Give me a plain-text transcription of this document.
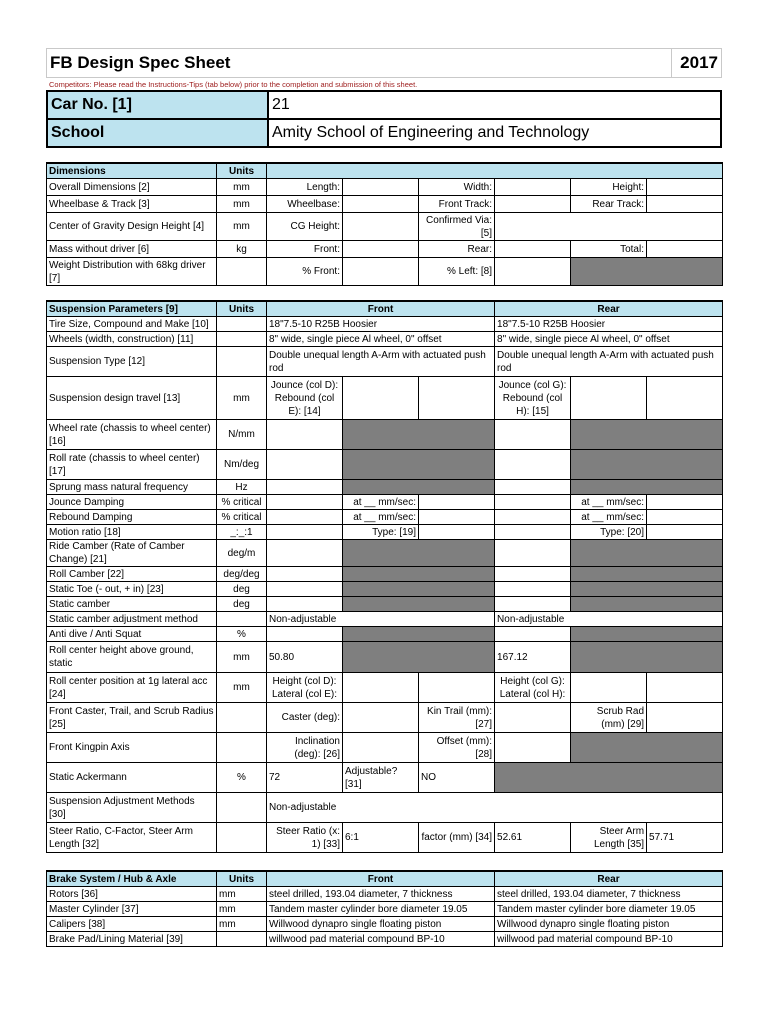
FB Design Spec Sheet	2017
Competitors: Please read the Instructions-Tips (tab below) prior to the completion and submission of this sheet.
Car No. [1]	21
School	Amity School of Engineering and Technology
Dimensions	Units						
Overall Dimensions [2]	mm	Length:		Width:		Height:	
Wheelbase & Track [3]	mm	Wheelbase:		Front Track:		Rear Track:	
Center of Gravity Design Height [4]	mm	CG Height:		Confirmed Via: [5]			
Mass without driver [6]	kg	Front:		Rear:		Total:	
Weight Distribution with 68kg driver [7]		% Front:		% Left: [8]			
Suspension Parameters [9]	Units	Front			Rear		
Tire Size, Compound and Make [10]		18"7.5-10 R25B Hoosier			18"7.5-10 R25B Hoosier		
Wheels (width, construction) [11]		8" wide, single piece Al wheel, 0" offset			8" wide, single piece Al wheel, 0" offset		
Suspension Type [12]		Double unequal length A-Arm with actuated push rod			Double unequal length A-Arm with actuated push rod		
Suspension design travel [13]	mm	Jounce (col D): Rebound (col E): [14]			Jounce (col G): Rebound (col H): [15]		
Wheel rate (chassis to wheel center) [16]	N/mm						
Roll rate (chassis to wheel center) [17]	Nm/deg						
Sprung mass natural frequency	Hz						
Jounce Damping	% critical		at __ mm/sec:			at __ mm/sec:	
Rebound Damping	% critical		at __ mm/sec:			at __ mm/sec:	
Motion ratio [18]	_:_:1		Type: [19]			Type: [20]	
Ride Camber (Rate of Camber Change) [21]	deg/m						
Roll Camber [22]	deg/deg						
Static Toe (- out, + in) [23]	deg						
Static camber	deg						
Static camber adjustment method		Non-adjustable			Non-adjustable		
Anti dive / Anti Squat	%						
Roll center height above ground, static	mm	50.80			167.12		
Roll center position at 1g lateral acc [24]	mm	Height (col D): Lateral (col E):			Height (col G): Lateral (col H):		
Front Caster, Trail, and Scrub Radius [25]		Caster (deg):		Kin Trail (mm): [27]		Scrub Rad (mm) [29]	
Front Kingpin Axis		Inclination (deg): [26]		Offset (mm): [28]			
Static Ackermann	%	72	Adjustable? [31]	NO			
Suspension Adjustment Methods [30]		Non-adjustable					
Steer Ratio, C-Factor, Steer Arm Length [32]		Steer Ratio (x: 1) [33]	6:1	factor (mm) [34]	52.61	Steer Arm Length [35]	57.71
Brake System / Hub & Axle	Units	Front	Rear
Rotors [36]	mm	steel drilled, 193.04 diameter, 7 thickness	steel drilled, 193.04 diameter, 7 thickness
Master Cylinder [37]	mm	Tandem master cylinder bore diameter 19.05	Tandem master cylinder bore diameter 19.05
Calipers [38]	mm	Willwood dynapro single floating piston	Willwood dynapro single floating piston
Brake Pad/Lining Material [39]		willwood pad material compound BP-10	willwood pad material compound BP-10
